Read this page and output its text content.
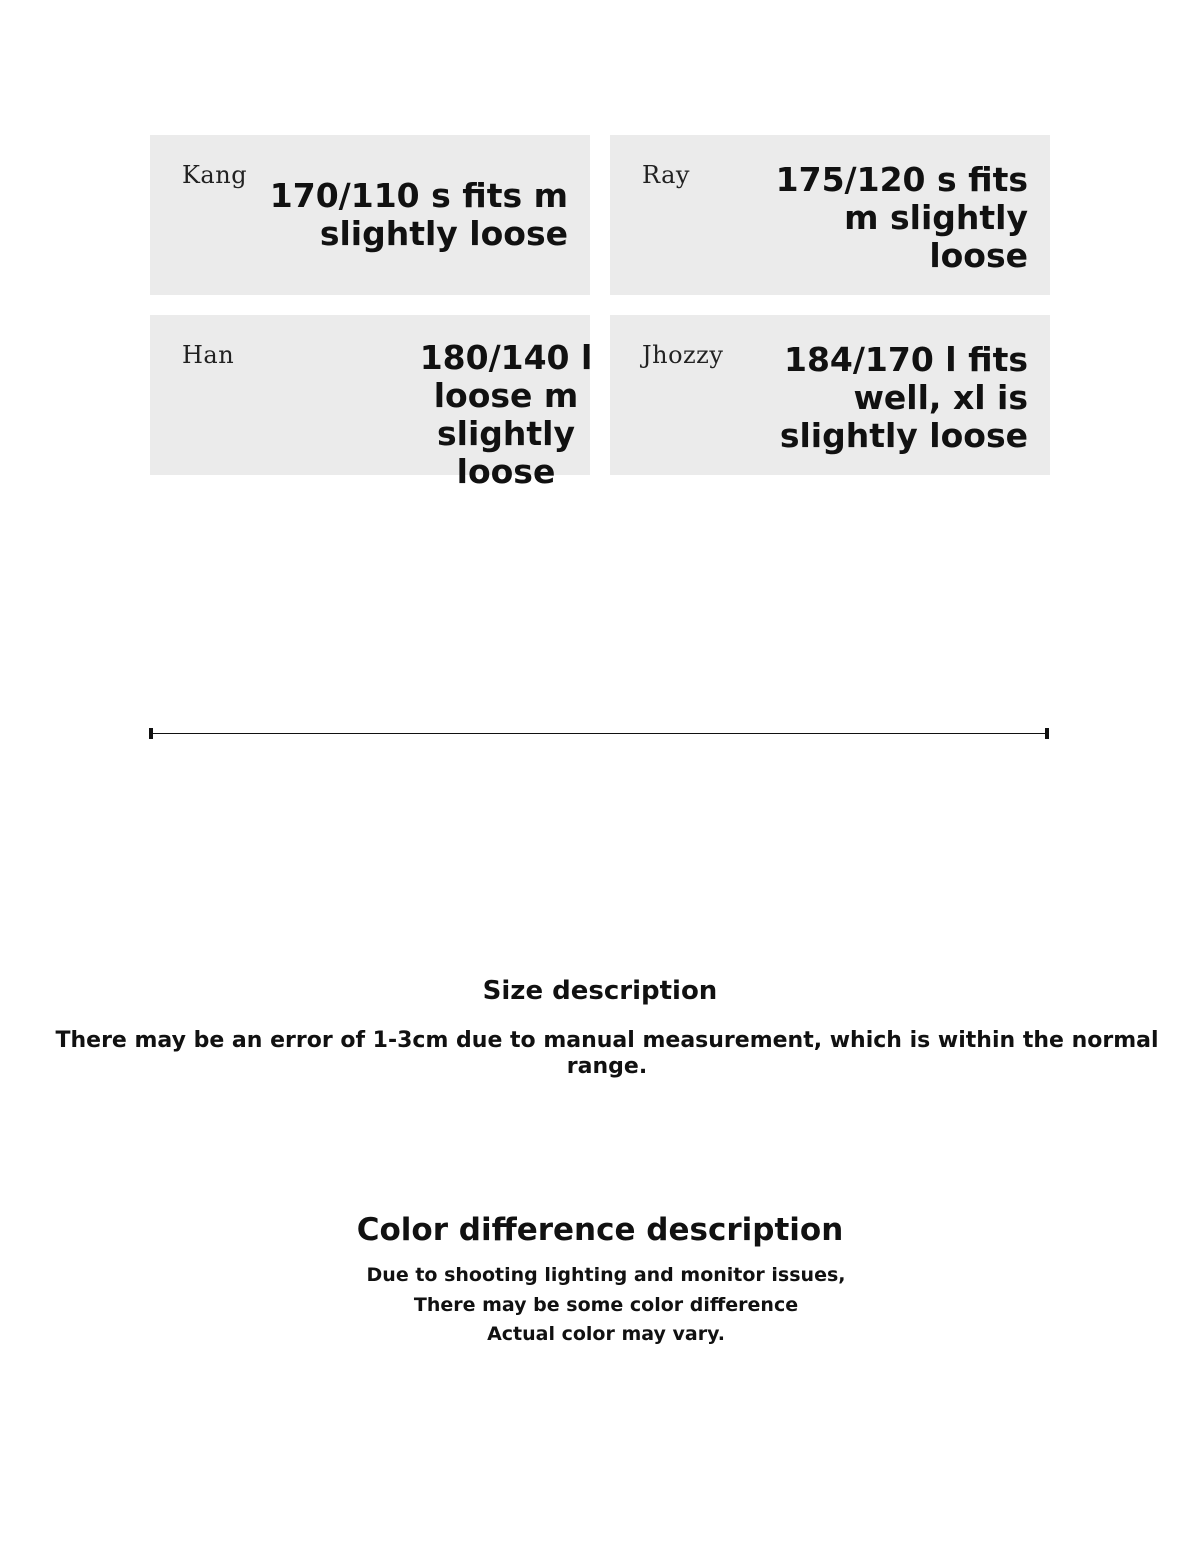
Kang
170/110 s fits m
slightly loose
Ray	175/120 s fits
m slightly
loose
Han	180/140 l
loose m
slightly loose
Jhozzy 184/170 l fits
well, xl is
slightly loose
Size description
There may be an error of 1-3cm due to manual measurement, which is within the normal range.
Color difference description
Due to shooting lighting and monitor issues,
There may be some color difference
Actual color may vary.
